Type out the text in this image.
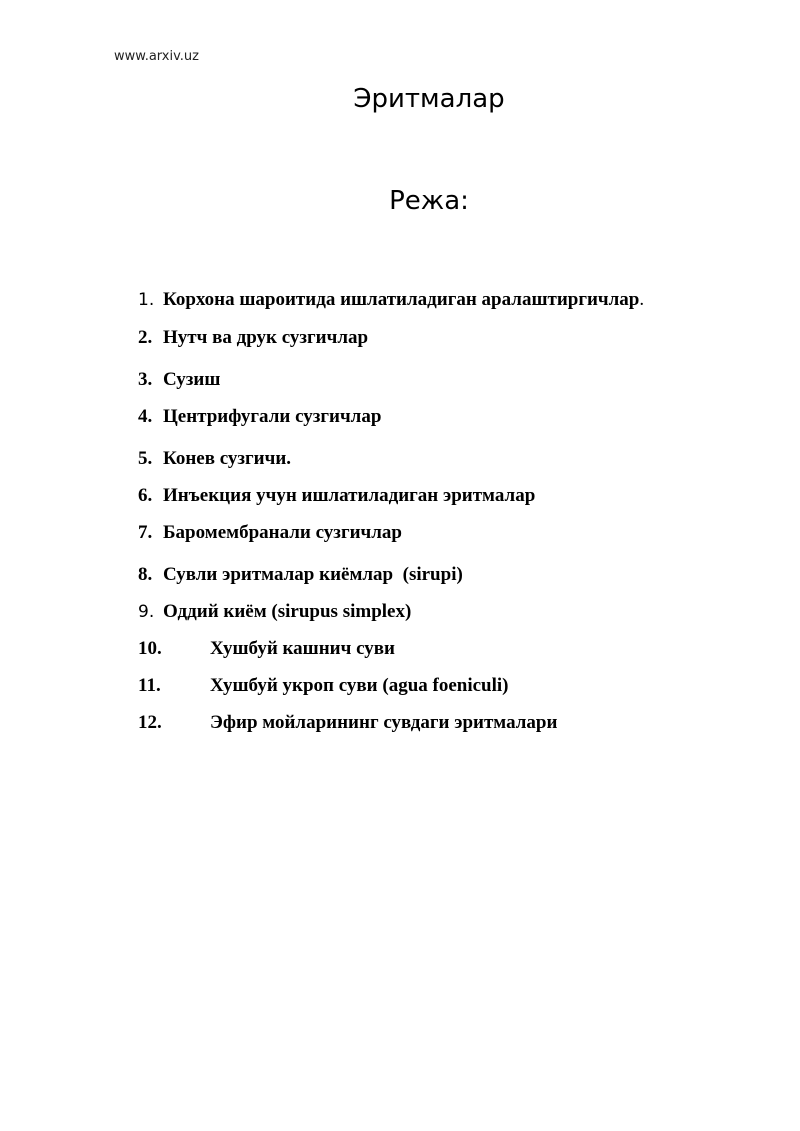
www.arxiv.uz
Эритмалар
Режа:
1. Корхона шароитида ишлатиладиган аралаштиргичлар.
2. Нутч ва друк сузгичлар
3. Сузиш
4. Центрифугали сузгичлар
5. Конев сузгичи.
6. Инъекция учун ишлатиладиган эритмалар
7. Баромембранали сузгичлар
8. Сувли эритмалар киёмлар  (sirupi)
9. Оддий киём (sirupus simplex)
10.	Хушбуй кашнич суви
11.	Хушбуй укроп суви (agua foeniculi)
12.	Эфир мойларининг сувдаги эритмалари
